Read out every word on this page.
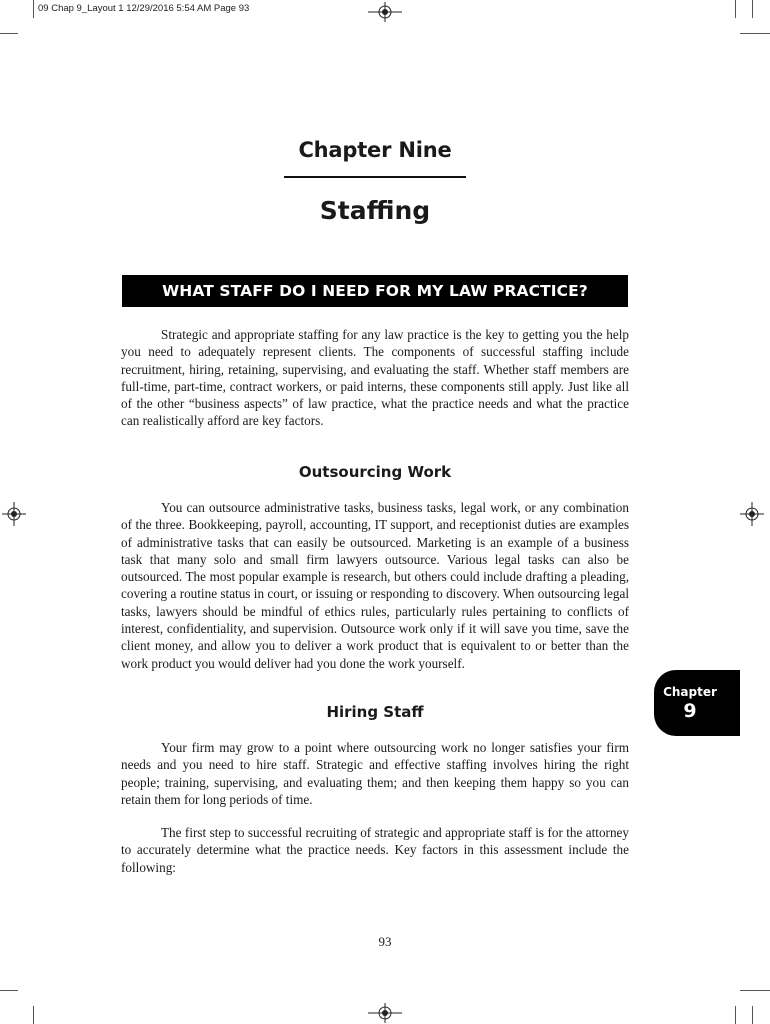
09 Chap 9_Layout 1 12/29/2016 5:54 AM Page 93
Chapter Nine
Staffing
WHAT STAFF DO I NEED FOR MY LAW PRACTICE?

Strategic and appropriate staffing for any law practice is the key to getting you the help you need to adequately represent clients. The components of successful staffing include recruitment, hiring, retaining, supervising, and evaluating the staff. Whether staff members are full-time, part-time, contract workers, or paid interns, these components still apply. Just like all of the other “business aspects” of law practice, what the practice needs and what the practice can realistically afford are key factors.

Outsourcing Work

You can outsource administrative tasks, business tasks, legal work, or any combination of the three. Bookkeeping, payroll, accounting, IT support, and receptionist duties are examples of administrative tasks that can easily be outsourced. Marketing is an example of a business task that many solo and small firm lawyers outsource. Various legal tasks can also be outsourced. The most popular example is research, but others could include drafting a pleading, covering a routine status in court, or issuing or responding to discovery. When outsourcing legal tasks, lawyers should be mindful of ethics rules, particularly rules pertaining to conflicts of interest, confidentiality, and supervision. Outsource work only if it will save you time, save the client money, and allow you to deliver a work product that is equivalent to or better than the work product you would deliver had you done the work yourself.

Hiring Staff

Your firm may grow to a point where outsourcing work no longer satisfies your firm needs and you need to hire staff. Strategic and effective staffing involves hiring the right people; training, supervising, and evaluating them; and then keeping them happy so you can retain them for long periods of time.

The first step to successful recruiting of strategic and appropriate staff is for the attorney to accurately determine what the practice needs. Key factors in this assessment include the following:

Chapter
9
93
